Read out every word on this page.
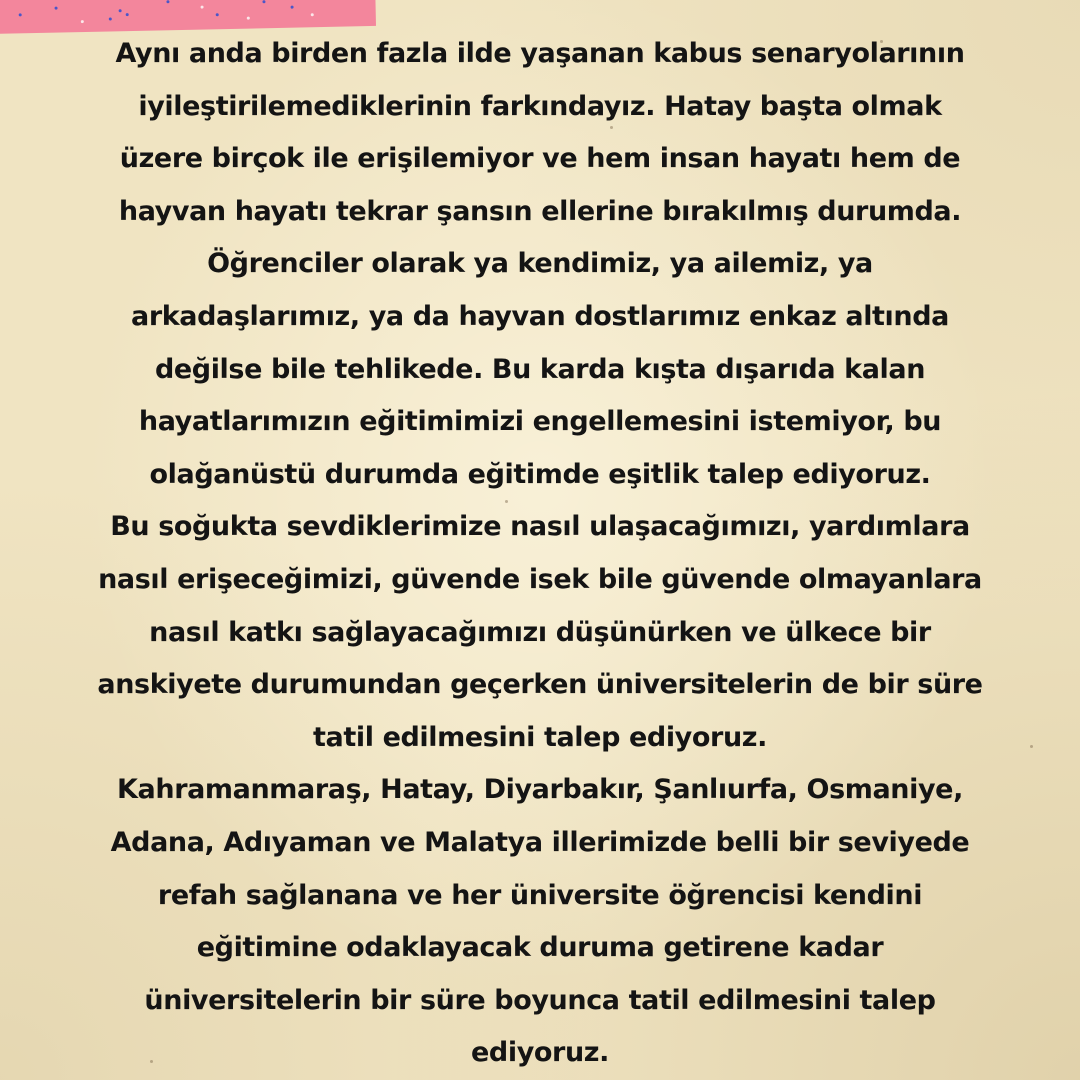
Aynı anda birden fazla ilde yaşanan kabus senaryolarının
iyileştirilemediklerinin farkındayız. Hatay başta olmak
üzere birçok ile erişilemiyor ve hem insan hayatı hem de
hayvan hayatı tekrar şansın ellerine bırakılmış durumda.
Öğrenciler olarak ya kendimiz, ya ailemiz, ya
arkadaşlarımız, ya da hayvan dostlarımız enkaz altında
değilse bile tehlikede. Bu karda kışta dışarıda kalan
hayatlarımızın eğitimimizi engellemesini istemiyor, bu
olağanüstü durumda eğitimde eşitlik talep ediyoruz.
Bu soğukta sevdiklerimize nasıl ulaşacağımızı, yardımlara
nasıl erişeceğimizi, güvende isek bile güvende olmayanlara
nasıl katkı sağlayacağımızı düşünürken ve ülkece bir
anskiyete durumundan geçerken üniversitelerin de bir süre
tatil edilmesini talep ediyoruz.
Kahramanmaraş, Hatay, Diyarbakır, Şanlıurfa, Osmaniye,
Adana, Adıyaman ve Malatya illerimizde belli bir seviyede
refah sağlanana ve her üniversite öğrencisi kendini
eğitimine odaklayacak duruma getirene kadar
üniversitelerin bir süre boyunca tatil edilmesini talep
ediyoruz.
